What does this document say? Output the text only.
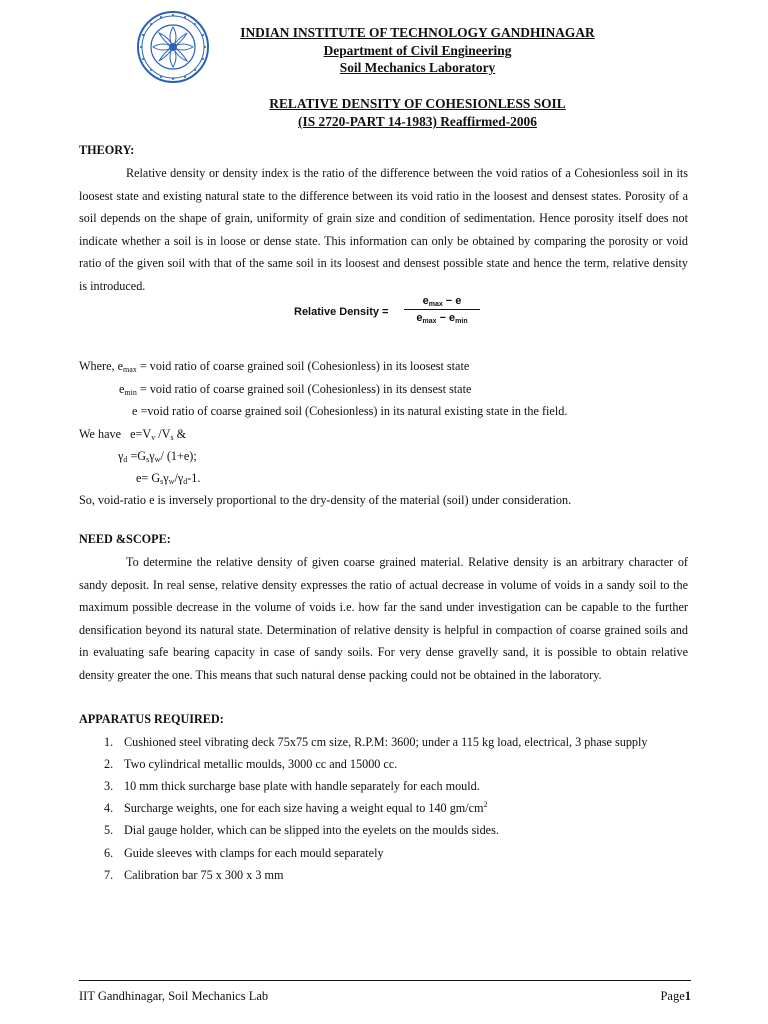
INDIAN INSTITUTE OF TECHNOLOGY GANDHINAGAR
Department of Civil Engineering
Soil Mechanics Laboratory
RELATIVE DENSITY OF COHESIONLESS SOIL
(IS 2720-PART 14-1983) Reaffirmed-2006
THEORY:
Relative density or density index is the ratio of the difference between the void ratios of a Cohesionless soil in its loosest state and existing natural state to the difference between its void ratio in the loosest and densest states. Porosity of a soil depends on the shape of grain, uniformity of grain size and condition of sedimentation. Hence porosity itself does not indicate whether a soil is in loose or dense state. This information can only be obtained by comparing the porosity or void ratio of the given soil with that of the same soil in its loosest and densest possible state and hence the term, relative density is introduced.
Relative Density =
$e_{max} - e$
$e_{max} - e_{min}$
Where, $e_{max}$ = void ratio of coarse grained soil (Cohesionless) in its loosest state
$e_{min}$ = void ratio of coarse grained soil (Cohesionless) in its densest state
e =void ratio of coarse grained soil (Cohesionless) in its natural existing state in the field.
We have   $e=V_v$ $/V_s$ &
$\gamma_d =G_s\gamma_w/$ (1+e);
$e= G_s\gamma_w/\gamma_d-1$.
So, void-ratio e is inversely proportional to the dry-density of the material (soil) under consideration.
NEED &SCOPE:
To determine the relative density of given coarse grained material. Relative density is an arbitrary character of sandy deposit. In real sense, relative density expresses the ratio of actual decrease in volume of voids in a sandy soil to the maximum possible decrease in the volume of voids i.e. how far the sand under investigation can be capable to the further densification beyond its natural state. Determination of relative density is helpful in compaction of coarse grained soils and in evaluating safe bearing capacity in case of sandy soils. For very dense gravelly sand, it is possible to obtain relative density greater the one. This means that such natural dense packing could not be obtained in the laboratory.
APPARATUS REQUIRED:
1. Cushioned steel vibrating deck 75x75 cm size, R.P.M: 3600; under a 115 kg load, electrical, 3 phase supply
2. Two cylindrical metallic moulds, 3000 cc and 15000 cc.
3. 10 mm thick surcharge base plate with handle separately for each mould.
4. Surcharge weights, one for each size having a weight equal to 140 $gm/cm^2$
5. Dial gauge holder, which can be slipped into the eyelets on the moulds sides.
6. Guide sleeves with clamps for each mould separately
7. Calibration bar 75 x 300 x 3 mm
IIT Gandhinagar, Soil Mechanics Lab	Page1
